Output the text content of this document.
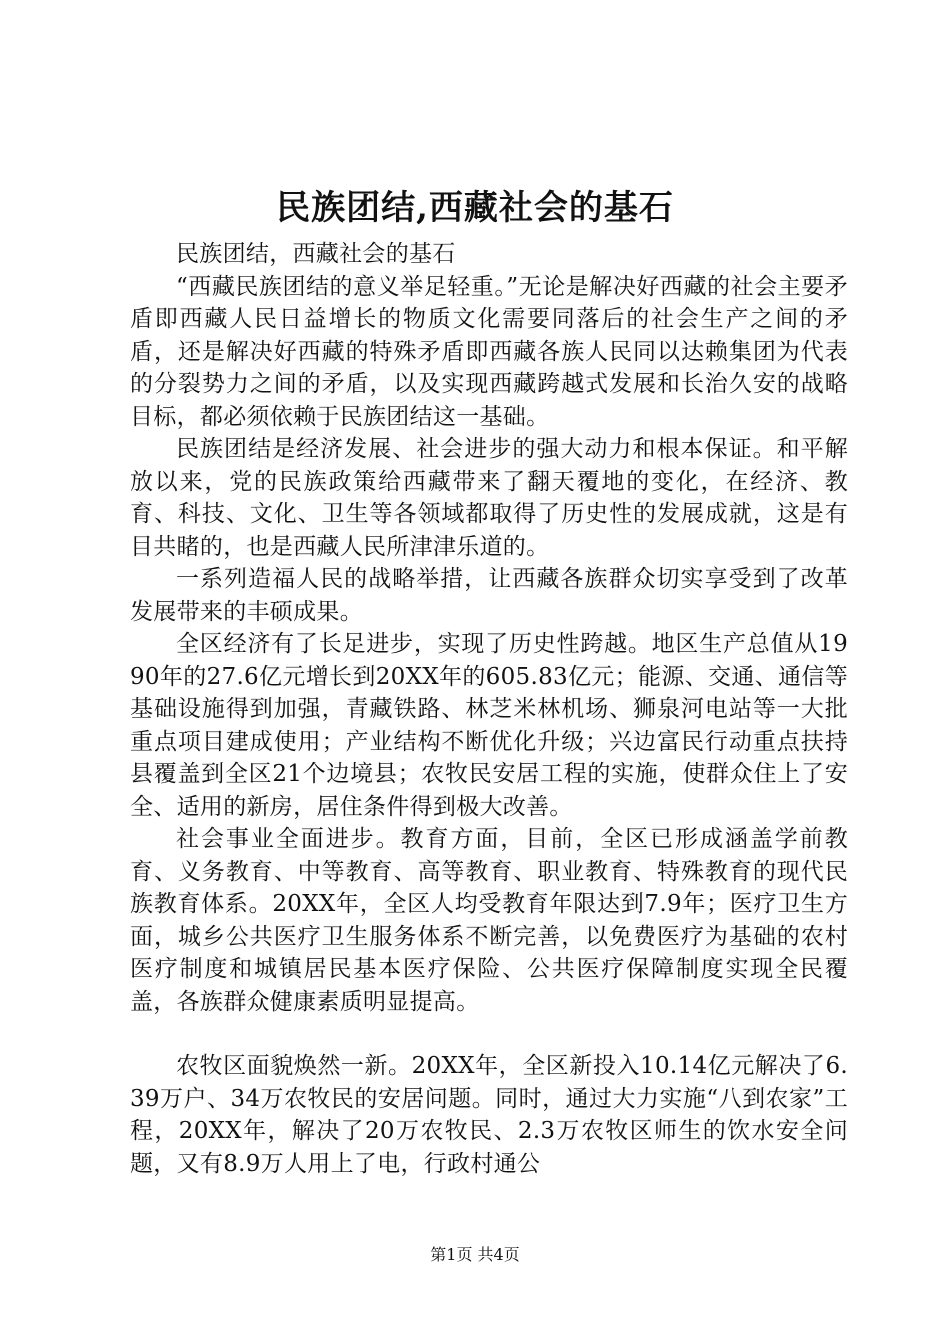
民族团结,西藏社会的基石

民族团结，西藏社会的基石

“西藏民族团结的意义举足轻重。”无论是解决好西藏的社会主要矛盾即西藏人民日益增长的物质文化需要同落后的社会生产之间的矛盾，还是解决好西藏的特殊矛盾即西藏各族人民同以达赖集团为代表的分裂势力之间的矛盾，以及实现西藏跨越式发展和长治久安的战略目标，都必须依赖于民族团结这一基础。

民族团结是经济发展、社会进步的强大动力和根本保证。和平解放以来，党的民族政策给西藏带来了翻天覆地的变化，在经济、教育、科技、文化、卫生等各领域都取得了历史性的发展成就，这是有目共睹的，也是西藏人民所津津乐道的。

一系列造福人民的战略举措，让西藏各族群众切实享受到了改革发展带来的丰硕成果。

全区经济有了长足进步，实现了历史性跨越。地区生产总值从1990年的27.6亿元增长到20XX年的605.83亿元；能源、交通、通信等基础设施得到加强，青藏铁路、林芝米林机场、狮泉河电站等一大批重点项目建成使用；产业结构不断优化升级；兴边富民行动重点扶持县覆盖到全区21个边境县；农牧民安居工程的实施，使群众住上了安全、适用的新房，居住条件得到极大改善。

社会事业全面进步。教育方面，目前，全区已形成涵盖学前教育、义务教育、中等教育、高等教育、职业教育、特殊教育的现代民族教育体系。20XX年，全区人均受教育年限达到7.9年；医疗卫生方面，城乡公共医疗卫生服务体系不断完善，以免费医疗为基础的农村医疗制度和城镇居民基本医疗保险、公共医疗保障制度实现全民覆盖，各族群众健康素质明显提高。

农牧区面貌焕然一新。20XX年，全区新投入10.14亿元解决了6.39万户、34万农牧民的安居问题。同时，通过大力实施“八到农家”工程，20XX年，解决了20万农牧民、2.3万农牧区师生的饮水安全问题，又有8.9万人用上了电，行政村通公

第1页 共4页
